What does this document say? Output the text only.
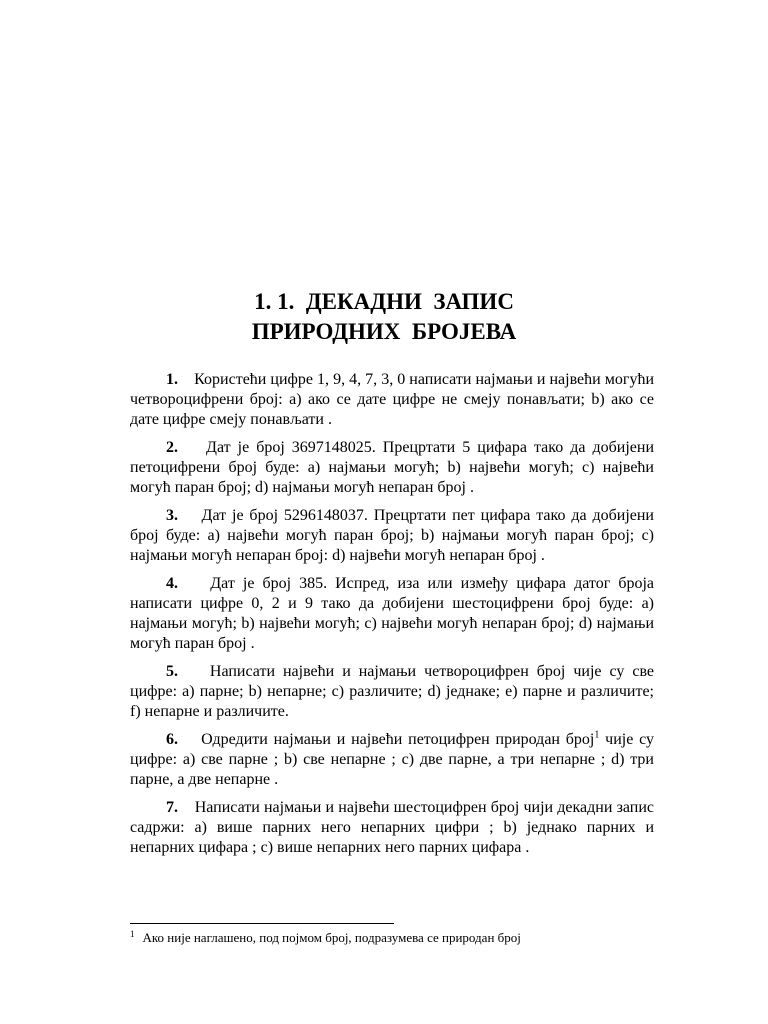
1. 1.  ДЕКАДНИ  ЗАПИС
ПРИРОДНИХ  БРОЈЕВА

1. Користећи цифре 1, 9, 4, 7, 3, 0 написати најмањи и највећи могући четвороцифрени број: a) ако се дате цифре не смеју понављати; b) ако се дате цифре смеју понављати .

2. Дат је број 3697148025. Прецртати 5 цифара тако да добијени петоцифрени број буде: a) најмањи могућ; b) највећи могућ; c) највећи могућ паран број; d) најмањи могућ непаран број .

3. Дат је број 5296148037. Прецртати пет цифара тако да добијени број буде: a) највећи могућ паран број; b) најмањи могућ паран број; c) најмањи могућ непаран број: d) највећи могућ непаран број .

4. Дат је број 385. Испред, иза или између цифара датог броја написати цифре 0, 2 и 9 тако да добијени шестоцифрени број буде: a) најмањи могућ; b) највећи могућ; c) највећи могућ непаран број; d) најмањи могућ паран број .

5. Написати највећи и најмањи четвороцифрен број чије су све цифре: a) парне; b) непарне; c) различите; d) једнаке; e) парне и различите; f) непарне и различите.

6. Одредити најмањи и највећи петоцифрен природан број$^1$ чије су цифре: a) све парне ; b) све непарне ; c) две парне, а три непарне ; d) три парне, а две непарне .

7. Написати најмањи и највећи шестоцифрен број чији декадни запис садржи: a) више парних него непарних цифри ; b) једнако парних и непарних цифара ; c) више непарних него парних цифара .

$^1$ Ако није наглашено, под појмом број, подразумева се природан број
